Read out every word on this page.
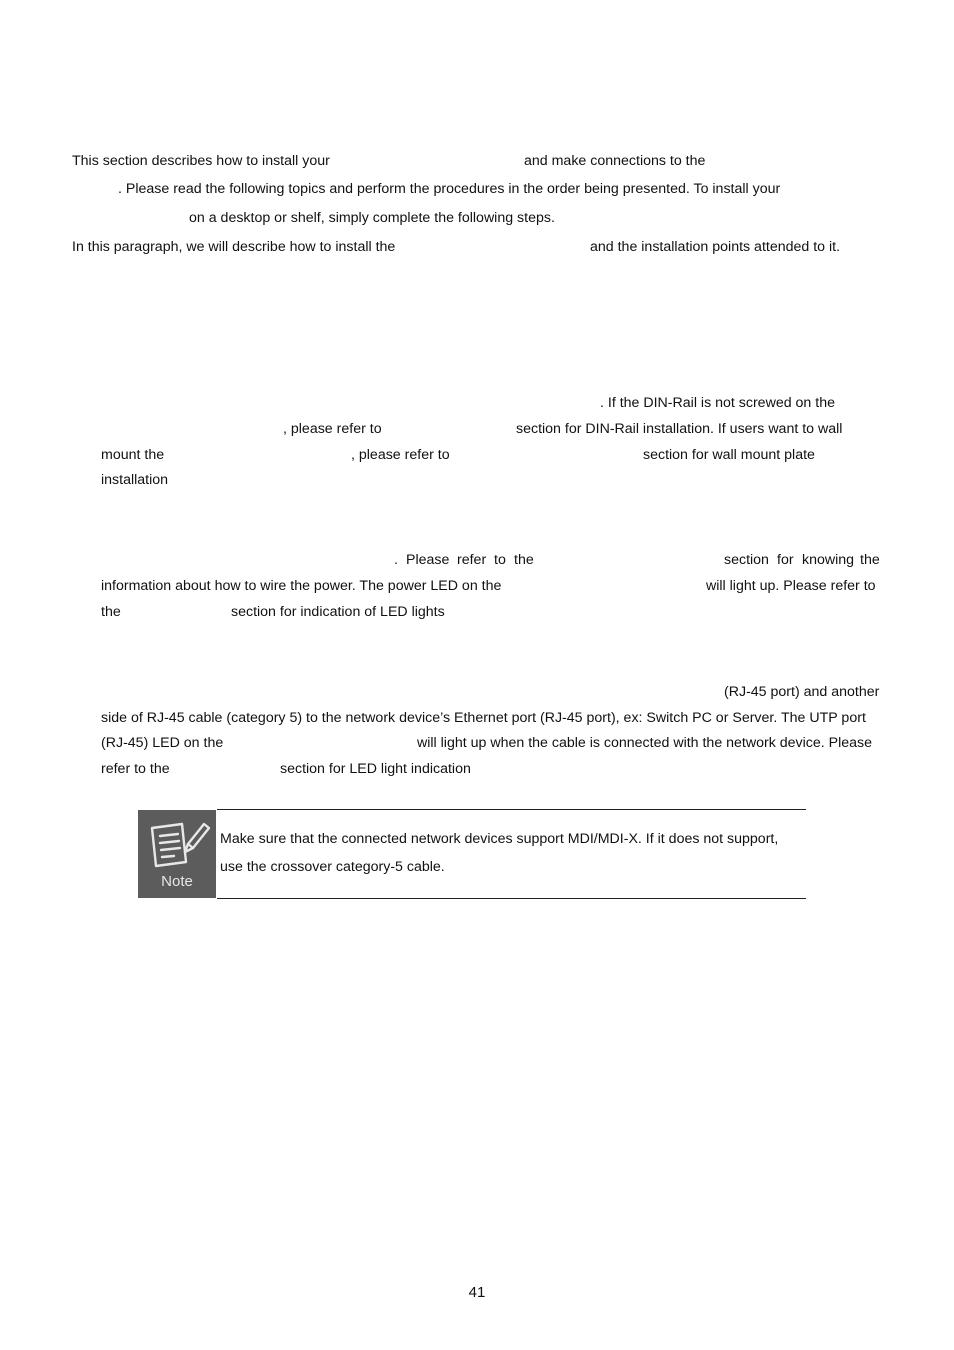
This section describes how to install your	and make connections to the
. Please read the following topics and perform the procedures in the order being presented. To install your
on a desktop or shelf, simply complete the following steps.
In this paragraph, we will describe how to install the	and the installation points attended to it.
. If the DIN-Rail is not screwed on the
, please refer to	section for DIN-Rail installation. If users want to wall
mount the	, please refer to	section for wall mount plate
installation
. Please refer to the	section for knowing the
information about how to wire the power. The power LED on the	will light up. Please refer to
the	section for indication of LED lights
(RJ-45 port) and another
side of RJ-45 cable (category 5) to the network device’s Ethernet port (RJ-45 port), ex: Switch PC or Server. The UTP port
(RJ-45) LED on the	will light up when the cable is connected with the network device. Please
refer to the	section for LED light indication
Note
Make sure that the connected network devices support MDI/MDI-X. If it does not support,
use the crossover category-5 cable.
41
